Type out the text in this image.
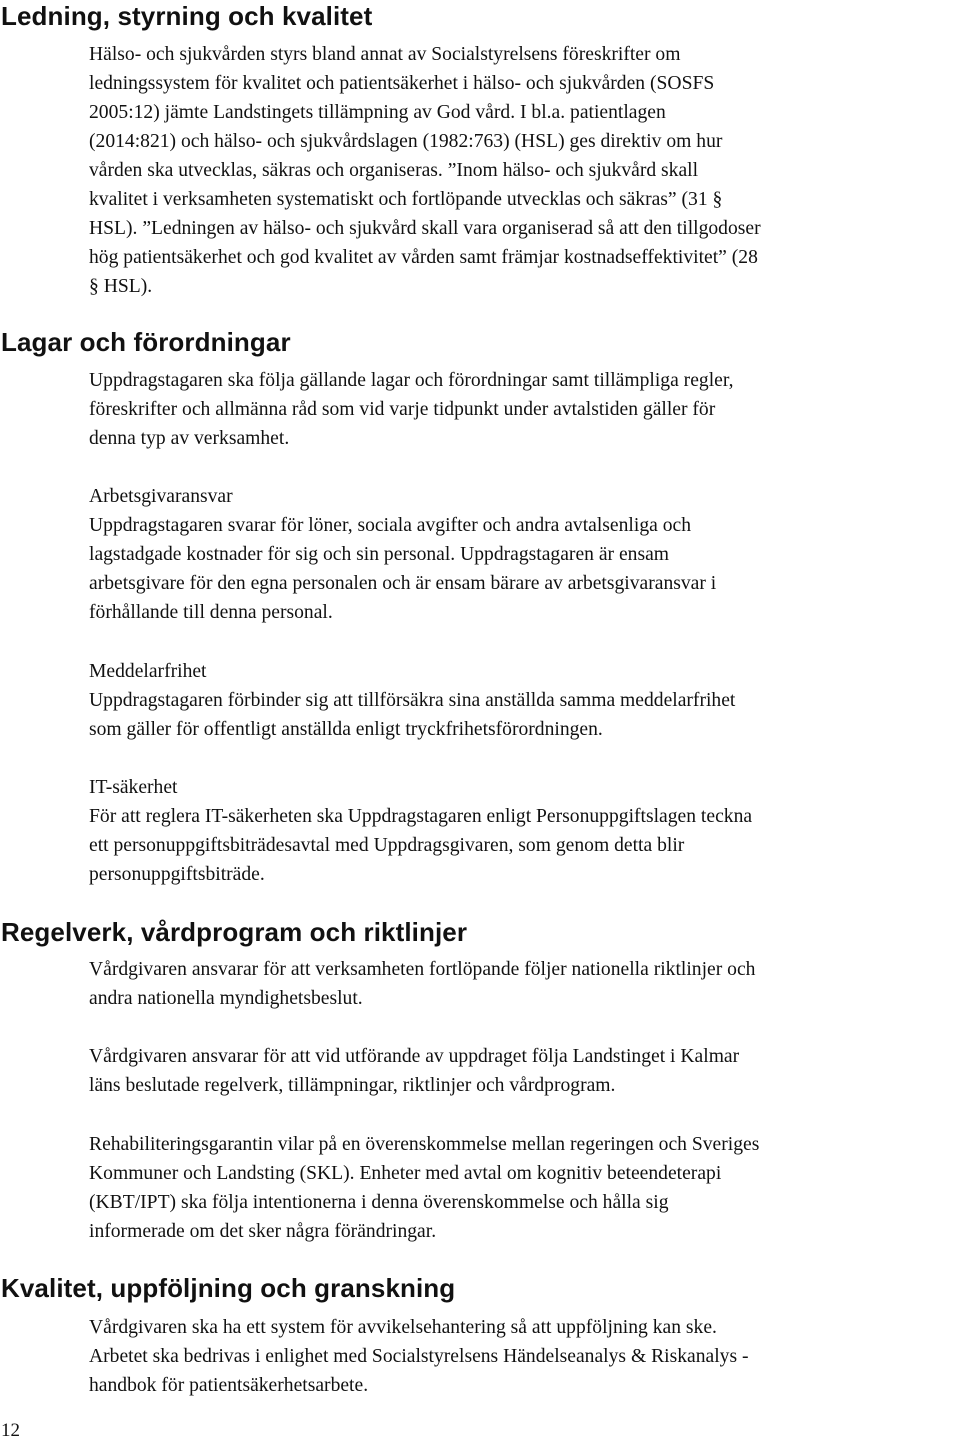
Ledning, styrning och kvalitet
Hälso- och sjukvården styrs bland annat av Socialstyrelsens föreskrifter om
ledningssystem för kvalitet och patientsäkerhet i hälso- och sjukvården (SOSFS
2005:12) jämte Landstingets tillämpning av God vård. I bl.a. patientlagen
(2014:821) och hälso- och sjukvårdslagen (1982:763) (HSL) ges direktiv om hur
vården ska utvecklas, säkras och organiseras. ”Inom hälso- och sjukvård skall
kvalitet i verksamheten systematiskt och fortlöpande utvecklas och säkras” (31 §
HSL). ”Ledningen av hälso- och sjukvård skall vara organiserad så att den tillgodoser
hög patientsäkerhet och god kvalitet av vården samt främjar kostnadseffektivitet” (28
§ HSL).
Lagar och förordningar
Uppdragstagaren ska följa gällande lagar och förordningar samt tillämpliga regler,
föreskrifter och allmänna råd som vid varje tidpunkt under avtalstiden gäller för
denna typ av verksamhet.
Arbetsgivaransvar
Uppdragstagaren svarar för löner, sociala avgifter och andra avtalsenliga och
lagstadgade kostnader för sig och sin personal. Uppdragstagaren är ensam
arbetsgivare för den egna personalen och är ensam bärare av arbetsgivaransvar i
förhållande till denna personal.
Meddelarfrihet
Uppdragstagaren förbinder sig att tillförsäkra sina anställda samma meddelarfrihet
som gäller för offentligt anställda enligt tryckfrihetsförordningen.
IT-säkerhet
För att reglera IT-säkerheten ska Uppdragstagaren enligt Personuppgiftslagen teckna
ett personuppgiftsbiträdesavtal med Uppdragsgivaren, som genom detta blir
personuppgiftsbiträde.
Regelverk, vårdprogram och riktlinjer
Vårdgivaren ansvarar för att verksamheten fortlöpande följer nationella riktlinjer och
andra nationella myndighetsbeslut.
Vårdgivaren ansvarar för att vid utförande av uppdraget följa Landstinget i Kalmar
läns beslutade regelverk, tillämpningar, riktlinjer och vårdprogram.
Rehabiliteringsgarantin vilar på en överenskommelse mellan regeringen och Sveriges
Kommuner och Landsting (SKL). Enheter med avtal om kognitiv beteendeterapi
(KBT/IPT) ska följa intentionerna i denna överenskommelse och hålla sig
informerade om det sker några förändringar.
Kvalitet, uppföljning och granskning
Vårdgivaren ska ha ett system för avvikelsehantering så att uppföljning kan ske.
Arbetet ska bedrivas i enlighet med Socialstyrelsens Händelseanalys & Riskanalys -
handbok för patientsäkerhetsarbete.
12
